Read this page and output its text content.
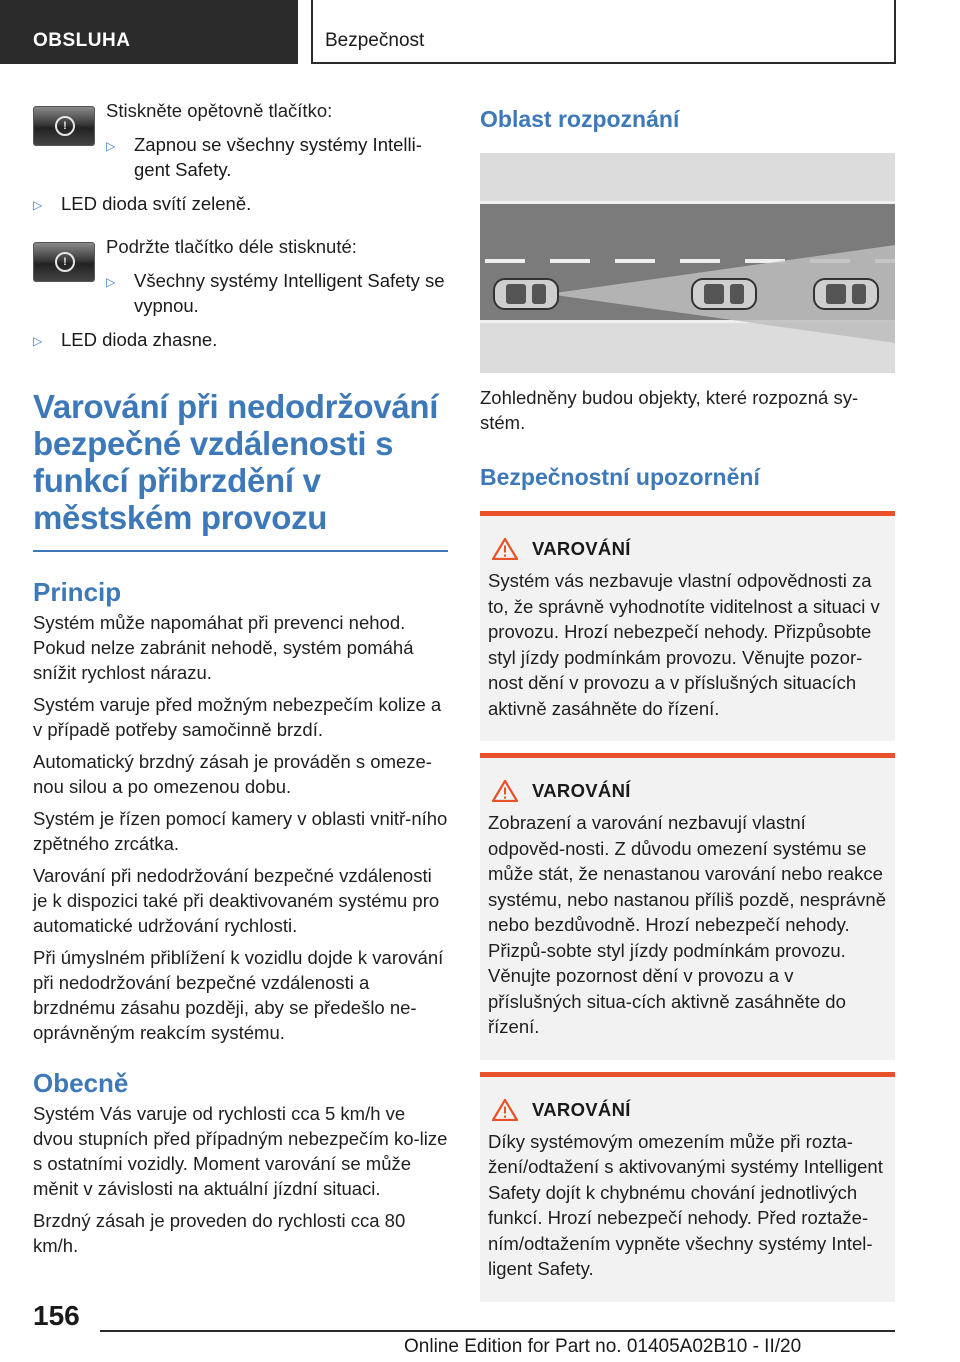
OBSLUHA	Bezpečnost
!
Stiskněte opětovně tlačítko:
▷	Zapnou se všechny systémy Intelli‐gent Safety.
▷	LED dioda svítí zeleně.
!
Podržte tlačítko déle stisknuté:
▷	Všechny systémy Intelligent Safety se vypnou.
▷	LED dioda zhasne.
Varování při nedodržování bezpečné vzdálenosti s funkcí přibrzdění v městském provozu
Princip
Systém může napomáhat při prevenci nehod. Pokud nelze zabránit nehodě, systém pomáhá snížit rychlost nárazu.
Systém varuje před možným nebezpečím kolize a v případě potřeby samočinně brzdí.
Automatický brzdný zásah je prováděn s omeze‐nou silou a po omezenou dobu.
Systém je řízen pomocí kamery v oblasti vnitř‐ního zpětného zrcátka.
Varování při nedodržování bezpečné vzdálenosti je k dispozici také při deaktivovaném systému pro automatické udržování rychlosti.
Při úmyslném přiblížení k vozidlu dojde k varování při nedodržování bezpečné vzdálenosti a brzdnému zásahu později, aby se předešlo ne‐oprávněným reakcím systému.
Obecně
Systém Vás varuje od rychlosti cca 5 km/h ve dvou stupních před případným nebezpečím ko‐lize s ostatními vozidly. Moment varování se může měnit v závislosti na aktuální jízdní situaci.
Brzdný zásah je proveden do rychlosti cca 80 km/h.
Oblast rozpoznání
Zohledněny budou objekty, které rozpozná sy‐stém.
Bezpečnostní upozornění
VAROVÁNÍ
Systém vás nezbavuje vlastní odpovědnosti za to, že správně vyhodnotíte viditelnost a situaci v provozu. Hrozí nebezpečí nehody. Přizpůsobte styl jízdy podmínkám provozu. Věnujte pozor‐nost dění v provozu a v příslušných situacích aktivně zasáhněte do řízení.
VAROVÁNÍ
Zobrazení a varování nezbavují vlastní odpověd‐nosti. Z důvodu omezení systému se může stát, že nenastanou varování nebo reakce systému, nebo nastanou příliš pozdě, nesprávně nebo bezdůvodně. Hrozí nebezpečí nehody. Přizpů‐sobte styl jízdy podmínkám provozu. Věnujte pozornost dění v provozu a v příslušných situa‐cích aktivně zasáhněte do řízení.
VAROVÁNÍ
Díky systémovým omezením může při rozta‐žení/odtažení s aktivovanými systémy Intelligent Safety dojít k chybnému chování jednotlivých funkcí. Hrozí nebezpečí nehody. Před roztaže‐ním/odtažením vypněte všechny systémy Intel‐ligent Safety.
156
Online Edition for Part no. 01405A02B10 - II/20
